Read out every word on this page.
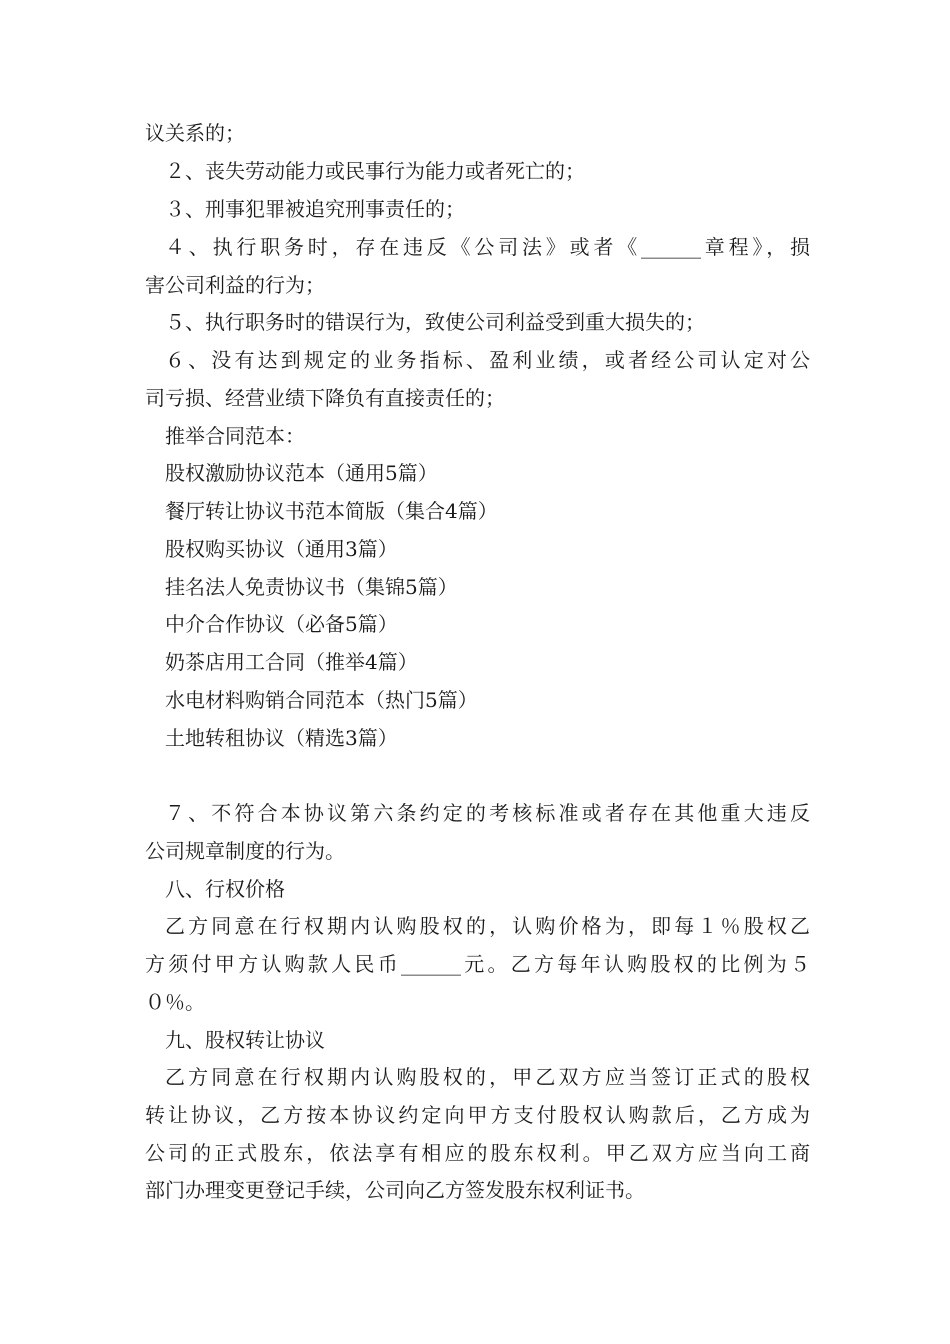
议关系的；
２、丧失劳动能力或民事行为能力或者死亡的；
３、刑事犯罪被追究刑事责任的；
４、执行职务时，存在违反《公司法》或者《______章程》，损
害公司利益的行为；
５、执行职务时的错误行为，致使公司利益受到重大损失的；
６、没有达到规定的业务指标、盈利业绩，或者经公司认定对公
司亏损、经营业绩下降负有直接责任的；
推举合同范本：
股权激励协议范本（通用5篇）
餐厅转让协议书范本简版（集合4篇）
股权购买协议（通用3篇）
挂名法人免责协议书（集锦5篇）
中介合作协议（必备5篇）
奶茶店用工合同（推举4篇）
水电材料购销合同范本（热门5篇）
土地转租协议（精选3篇）
７、不符合本协议第六条约定的考核标准或者存在其他重大违反
公司规章制度的行为。
八、行权价格
乙方同意在行权期内认购股权的，认购价格为，即每１％股权乙
方须付甲方认购款人民币______元。乙方每年认购股权的比例为５
０％。
九、股权转让协议
乙方同意在行权期内认购股权的，甲乙双方应当签订正式的股权
转让协议，乙方按本协议约定向甲方支付股权认购款后，乙方成为
公司的正式股东，依法享有相应的股东权利。甲乙双方应当向工商
部门办理变更登记手续，公司向乙方签发股东权利证书。
